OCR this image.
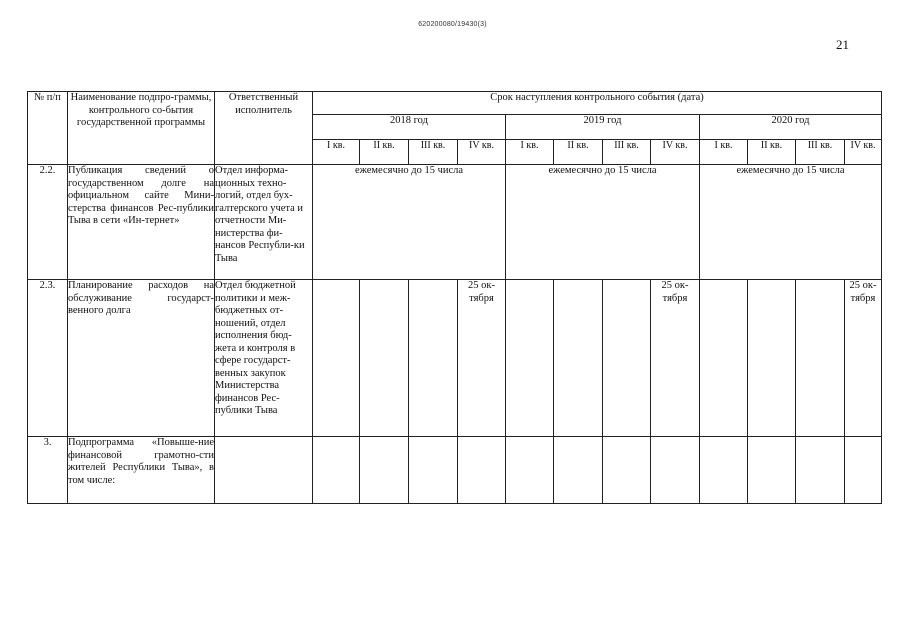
620200080/19430(3)
21
№ п/п	Наименование подпро-граммы, контрольного со-бытия государственной программы	Ответственный исполнитель	Срок наступления контрольного события (дата)											
			2018 год				2019 год				2020 год			
			I кв.	II кв.	III кв.	IV кв.	I кв.	II кв.	III кв.	IV кв.	I кв.	II кв.	III кв.	IV кв.
2.2.	Публикация сведений о государственном долге на официальном сайте Мини-стерства финансов Рес-публики Тыва в сети «Ин-тернет»	Отдел информа-ционных техно-логий, отдел бух-галтерского учета и отчетности Ми-нистерства фи-нансов Республи-ки Тыва	ежемесячно до 15 числа				ежемесячно до 15 числа				ежемесячно до 15 числа			
2.3.	Планирование расходов на обслуживание государст-венного долга	Отдел бюджетной политики и меж-бюджетных от-ношений, отдел исполнения бюд-жета и контроля в сфере государст-венных закупок Министерства финансов Рес-публики Тыва				25 ок-тября				25 ок-тября				25 ок-тября
3.	Подпрограмма «Повыше-ние финансовой грамотно-сти жителей Республики Тыва», в том числе:													
